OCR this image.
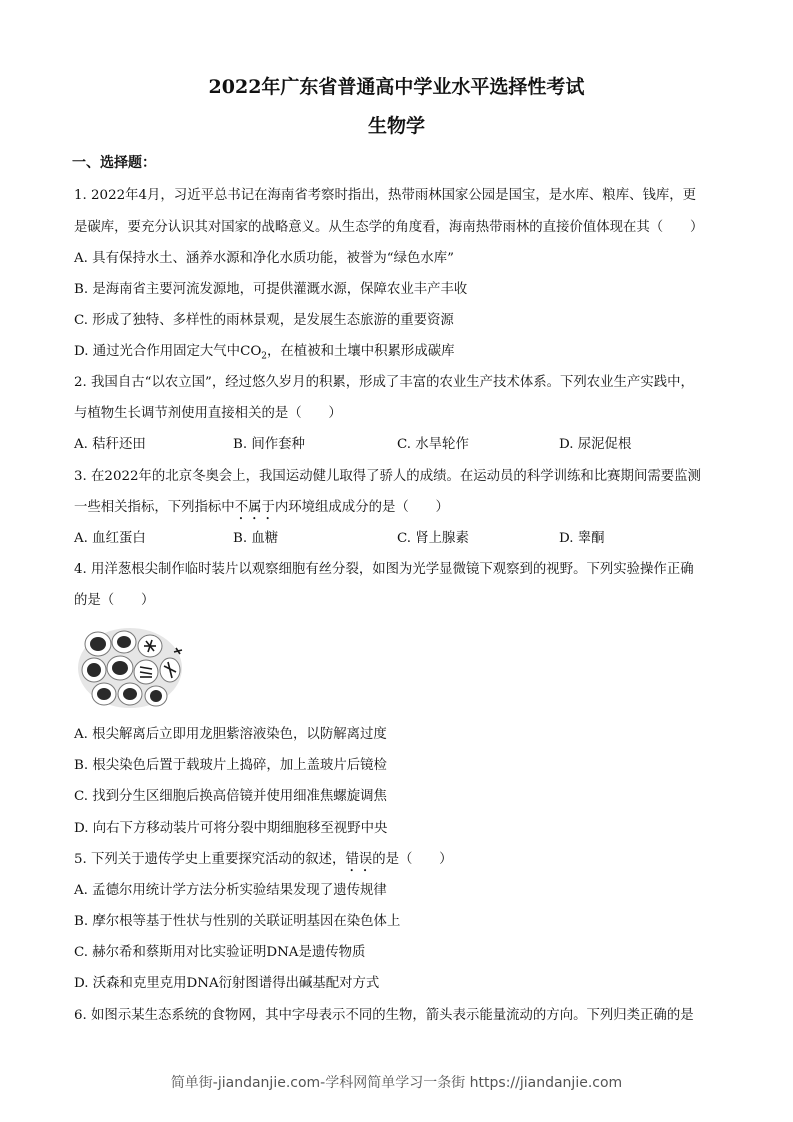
2022年广东省普通高中学业水平选择性考试
生物学
一、选择题：
1. 2022年4月，习近平总书记在海南省考察时指出，热带雨林国家公园是国宝，是水库、粮库、钱库，更
是碳库，要充分认识其对国家的战略意义。从生态学的角度看，海南热带雨林的直接价值体现在其（　　）
A. 具有保持水土、涵养水源和净化水质功能，被誉为“绿色水库”
B. 是海南省主要河流发源地，可提供灌溉水源，保障农业丰产丰收
C. 形成了独特、多样性的雨林景观，是发展生态旅游的重要资源
D. 通过光合作用固定大气中$CO_2$，在植被和土壤中积累形成碳库
2. 我国自古“以农立国”，经过悠久岁月的积累，形成了丰富的农业生产技术体系。下列农业生产实践中，
与植物生长调节剂使用直接相关的是（　　）
A. 秸秆还田	B. 间作套种	C. 水旱轮作	D. 尿泥促根
3. 在2022年的北京冬奥会上，我国运动健儿取得了骄人的成绩。在运动员的科学训练和比赛期间需要监测
一些相关指标，下列指标中不属于内环境组成成分的是（　　）
A. 血红蛋白	B. 血糖	C. 肾上腺素	D. 睾酮
4. 用洋葱根尖制作临时装片以观察细胞有丝分裂，如图为光学显微镜下观察到的视野。下列实验操作正确
的是（　　）
A. 根尖解离后立即用龙胆紫溶液染色，以防解离过度
B. 根尖染色后置于载玻片上捣碎，加上盖玻片后镜检
C. 找到分生区细胞后换高倍镜并使用细准焦螺旋调焦
D. 向右下方移动装片可将分裂中期细胞移至视野中央
5. 下列关于遗传学史上重要探究活动的叙述，错误的是（　　）
A. 孟德尔用统计学方法分析实验结果发现了遗传规律
B. 摩尔根等基于性状与性别的关联证明基因在染色体上
C. 赫尔希和蔡斯用对比实验证明DNA是遗传物质
D. 沃森和克里克用DNA衍射图谱得出碱基配对方式
6. 如图示某生态系统的食物网，其中字母表示不同的生物，箭头表示能量流动的方向。下列归类正确的是
简单街-jiandanjie.com-学科网简单学习一条街 https://jiandanjie.com
